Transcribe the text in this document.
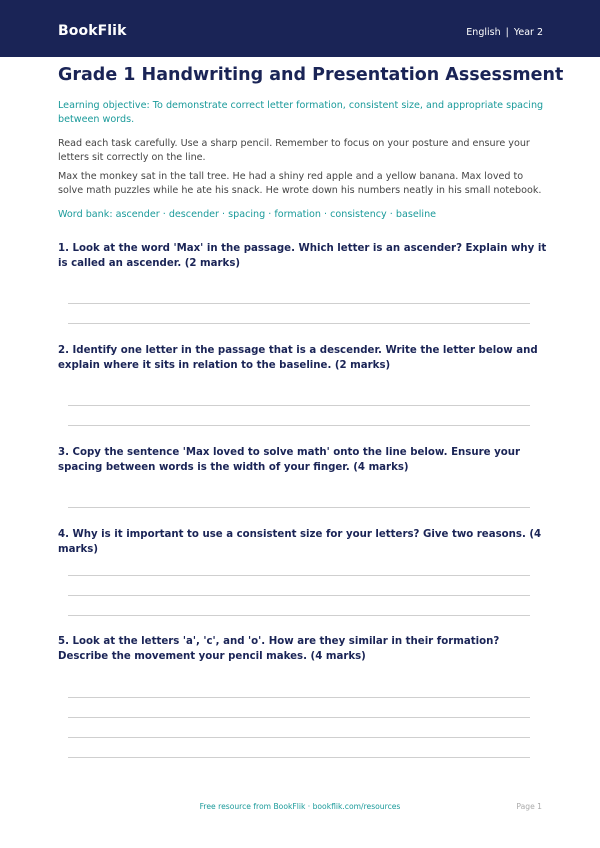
BookFlik	English | Year 2
Grade 1 Handwriting and Presentation Assessment
Learning objective: To demonstrate correct letter formation, consistent size, and appropriate spacing between words.
Read each task carefully. Use a sharp pencil. Remember to focus on your posture and ensure your letters sit correctly on the line.
Max the monkey sat in the tall tree. He had a shiny red apple and a yellow banana. Max loved to solve math puzzles while he ate his snack. He wrote down his numbers neatly in his small notebook.
Word bank: ascender · descender · spacing · formation · consistency · baseline
1. Look at the word 'Max' in the passage. Which letter is an ascender? Explain why it is called an ascender. (2 marks)
2. Identify one letter in the passage that is a descender. Write the letter below and explain where it sits in relation to the baseline. (2 marks)
3. Copy the sentence 'Max loved to solve math' onto the line below. Ensure your spacing between words is the width of your finger. (4 marks)
4. Why is it important to use a consistent size for your letters? Give two reasons. (4 marks)
5. Look at the letters 'a', 'c', and 'o'. How are they similar in their formation? Describe the movement your pencil makes. (4 marks)
Free resource from BookFlik · bookflik.com/resources	Page 1
